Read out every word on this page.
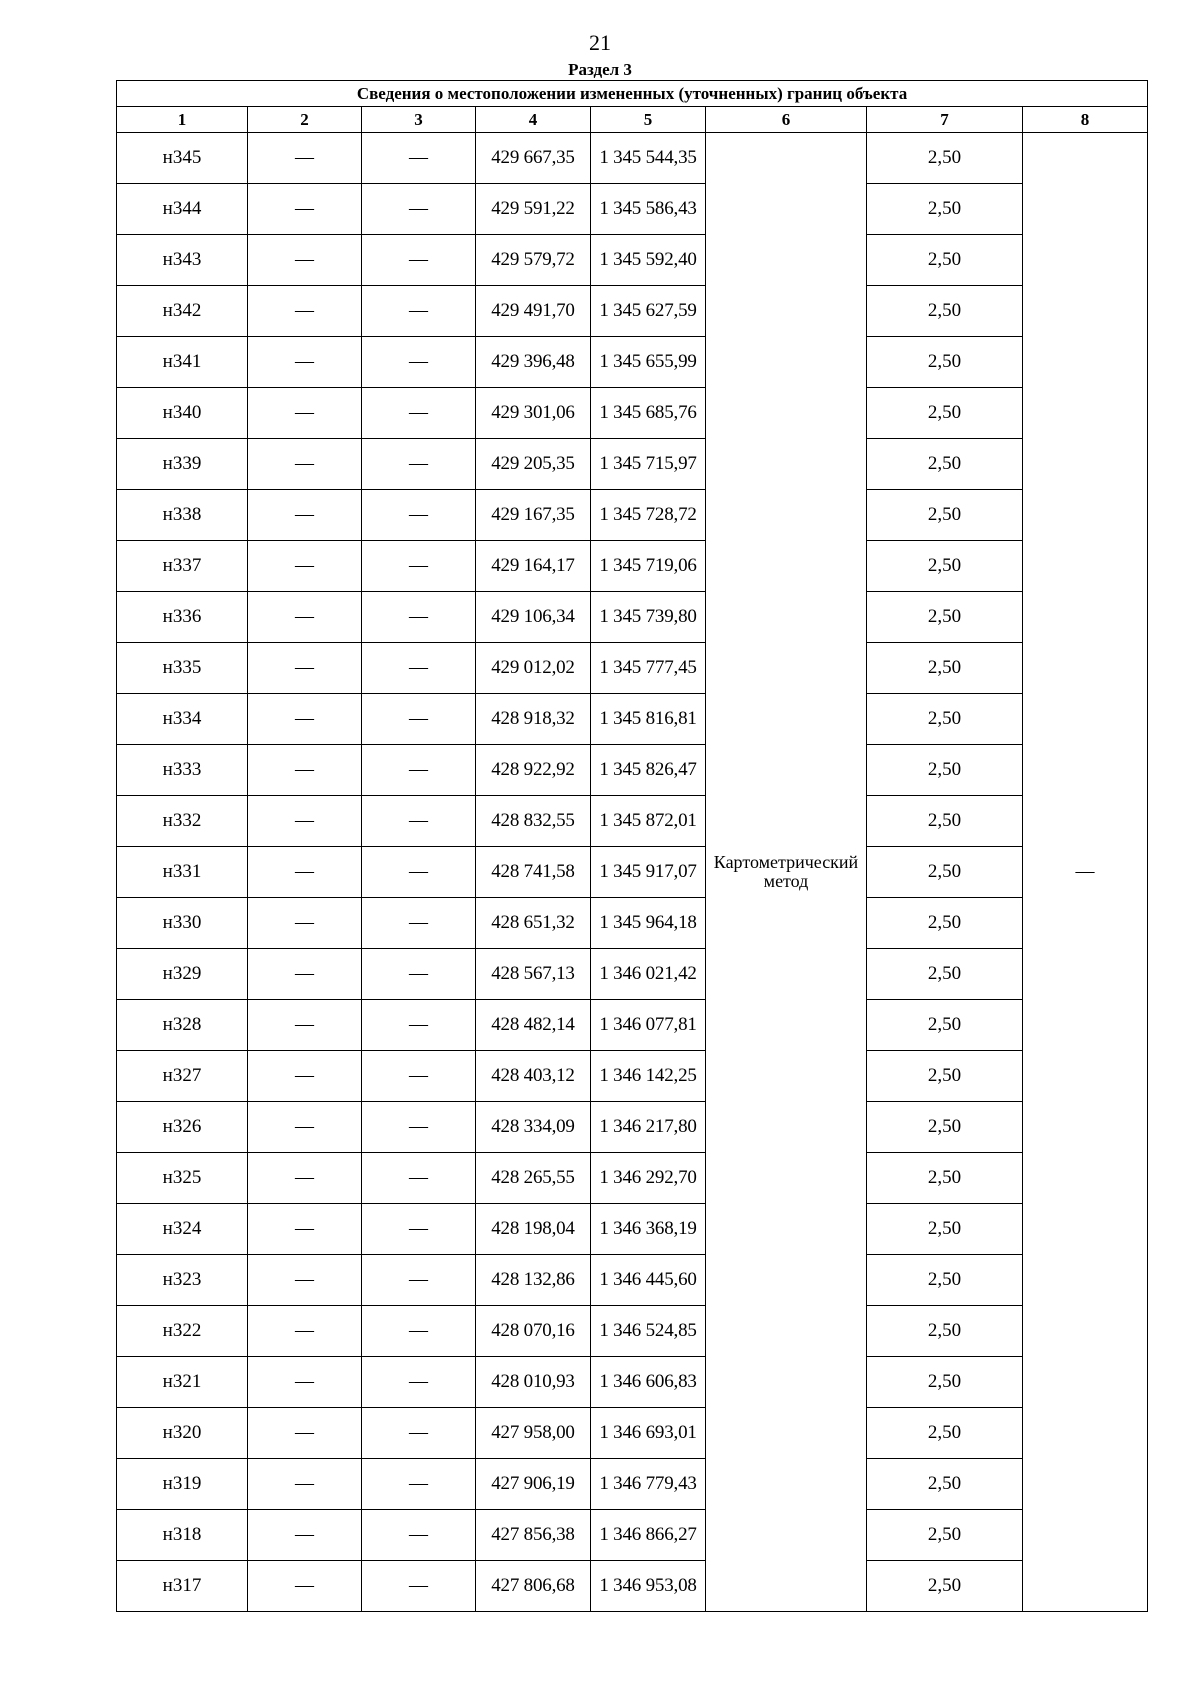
21
Раздел 3
Сведения о местоположении измененных (уточненных) границ объекта							
1	2	3	4	5	6	7	8
н345	—	—	429 667,35	1 345 544,35	Картометрический метод	2,50	—
н344	—	—	429 591,22	1 345 586,43		2,50	
н343	—	—	429 579,72	1 345 592,40		2,50	
н342	—	—	429 491,70	1 345 627,59		2,50	
н341	—	—	429 396,48	1 345 655,99		2,50	
н340	—	—	429 301,06	1 345 685,76		2,50	
н339	—	—	429 205,35	1 345 715,97		2,50	
н338	—	—	429 167,35	1 345 728,72		2,50	
н337	—	—	429 164,17	1 345 719,06		2,50	
н336	—	—	429 106,34	1 345 739,80		2,50	
н335	—	—	429 012,02	1 345 777,45		2,50	
н334	—	—	428 918,32	1 345 816,81		2,50	
н333	—	—	428 922,92	1 345 826,47		2,50	
н332	—	—	428 832,55	1 345 872,01		2,50	
н331	—	—	428 741,58	1 345 917,07		2,50	
н330	—	—	428 651,32	1 345 964,18		2,50	
н329	—	—	428 567,13	1 346 021,42		2,50	
н328	—	—	428 482,14	1 346 077,81		2,50	
н327	—	—	428 403,12	1 346 142,25		2,50	
н326	—	—	428 334,09	1 346 217,80		2,50	
н325	—	—	428 265,55	1 346 292,70		2,50	
н324	—	—	428 198,04	1 346 368,19		2,50	
н323	—	—	428 132,86	1 346 445,60		2,50	
н322	—	—	428 070,16	1 346 524,85		2,50	
н321	—	—	428 010,93	1 346 606,83		2,50	
н320	—	—	427 958,00	1 346 693,01		2,50	
н319	—	—	427 906,19	1 346 779,43		2,50	
н318	—	—	427 856,38	1 346 866,27		2,50	
н317	—	—	427 806,68	1 346 953,08		2,50	
